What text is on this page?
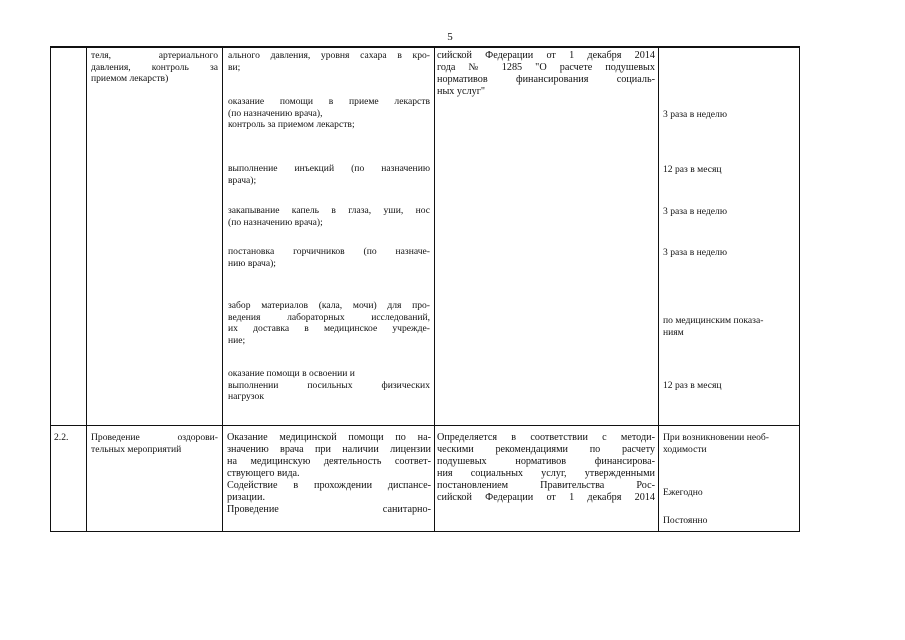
5
теля, артериального
давления, контроль за
приемом лекарств)
ального давления, уровня сахара в кро-
ви;
оказание помощи в приеме лекарств
(по назначению врача),
контроль за приемом лекарств;
выполнение инъекций (по назначению
врача);
закапывание капель в глаза, уши, нос
(по назначению врача);
постановка горчичников (по назначе-
нию врача);
забор материалов (кала, мочи) для про-
ведения лабораторных исследований,
их доставка в медицинское учрежде-
ние;
оказание помощи в освоении и
выполнении посильных физических
нагрузок
сийской Федерации от 1 декабря 2014
года № 1285 "О расчете подушевых
нормативов финансирования социаль-
ных услуг"
3 раза в неделю
12 раз в месяц
3 раза в неделю
3 раза в неделю
по медицинским показа-
ниям
12 раз в месяц
2.2.	Проведение оздорови-
тельных мероприятий
Оказание медицинской помощи по на-
значению врача при наличии лицензии
на медицинскую деятельность соответ-
ствующего вида.
Содействие в прохождении диспансе-
ризации.
Проведение санитарно-
Определяется в соответствии с методи-
ческими рекомендациями по расчету
подушевых нормативов финансирова-
ния социальных услуг, утвержденными
постановлением Правительства Рос-
сийской Федерации от 1 декабря 2014
При возникновении необ-
ходимости
Ежегодно
Постоянно
